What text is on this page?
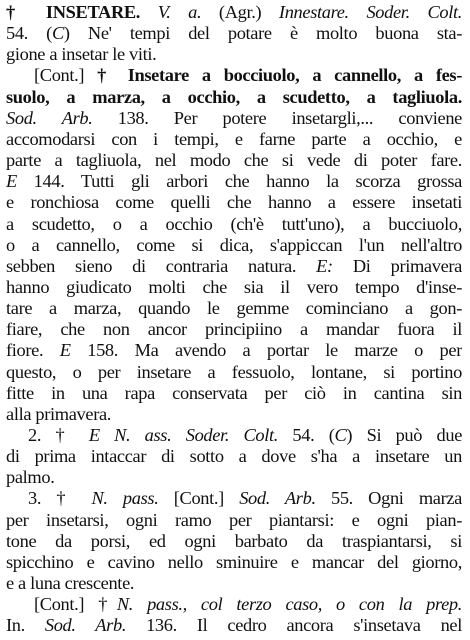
† INSETARE. V. a. (Agr.) Innestare. Soder. Colt.
54. (C) Ne' tempi del potare è molto buona sta-
gione a insetar le viti.
[Cont.] † Insetare a bocciuolo, a cannello, a fes-
suolo, a marza, a occhio, a scudetto, a tagliuola.
Sod. Arb. 138. Per potere insetargli,... conviene
accomodarsi con i tempi, e farne parte a occhio, e
parte a tagliuola, nel modo che si vede di poter fare.
E 144. Tutti gli arbori che hanno la scorza grossa
e ronchiosa come quelli che hanno a essere insetati
a scudetto, o a occhio (ch'è tutt'uno), a bucciuolo,
o a cannello, come si dica, s'appiccan l'un nell'altro
sebben sieno di contraria natura. E: Di primavera
hanno giudicato molti che sia il vero tempo d'inse-
tare a marza, quando le gemme cominciano a gon-
fiare, che non ancor principiino a mandar fuora il
fiore. E 158. Ma avendo a portar le marze o per
questo, o per insetare a fessuolo, lontane, si portino
fitte in una rapa conservata per ciò in cantina sin
alla primavera.
2. † E N. ass. Soder. Colt. 54. (C) Si può due
di prima intaccar di sotto a dove s'ha a insetare un
palmo.
3. † N. pass. [Cont.] Sod. Arb. 55. Ogni marza
per insetarsi, ogni ramo per piantarsi: e ogni pian-
tone da porsi, ed ogni barbato da traspiantarsi, si
spicchino e cavino nello sminuire e mancar del giorno,
e a luna crescente.
[Cont.] †N. pass., col terzo caso, o con la prep.
In. Sod. Arb. 136. Il cedro ancora s'insetava nel
